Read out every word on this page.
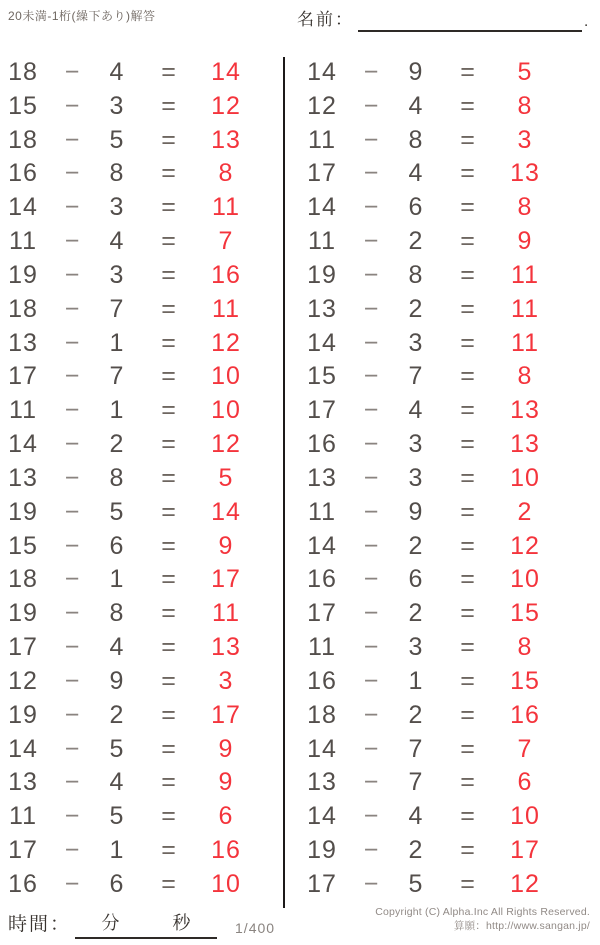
20未満-1桁(繰下あり)解答	名前：	.
18	−	4	=	14
15	−	3	=	12
18	−	5	=	13
16	−	8	=	8
14	−	3	=	11
11	−	4	=	7
19	−	3	=	16
18	−	7	=	11
13	−	1	=	12
17	−	7	=	10
11	−	1	=	10
14	−	2	=	12
13	−	8	=	5
19	−	5	=	14
15	−	6	=	9
18	−	1	=	17
19	−	8	=	11
17	−	4	=	13
12	−	9	=	3
19	−	2	=	17
14	−	5	=	9
13	−	4	=	9
11	−	5	=	6
17	−	1	=	16
16	−	6	=	10
14	−	9	=	5
12	−	4	=	8
11	−	8	=	3
17	−	4	=	13
14	−	6	=	8
11	−	2	=	9
19	−	8	=	11
13	−	2	=	11
14	−	3	=	11
15	−	7	=	8
17	−	4	=	13
16	−	3	=	13
13	−	3	=	10
11	−	9	=	2
14	−	2	=	12
16	−	6	=	10
17	−	2	=	15
11	−	3	=	8
16	−	1	=	15
18	−	2	=	16
14	−	7	=	7
13	−	7	=	6
14	−	4	=	10
19	−	2	=	17
17	−	5	=	12
時間： 分	秒	1/400
Copyright (C) Alpha.Inc All Rights Reserved.
算願：http://www.sangan.jp/
